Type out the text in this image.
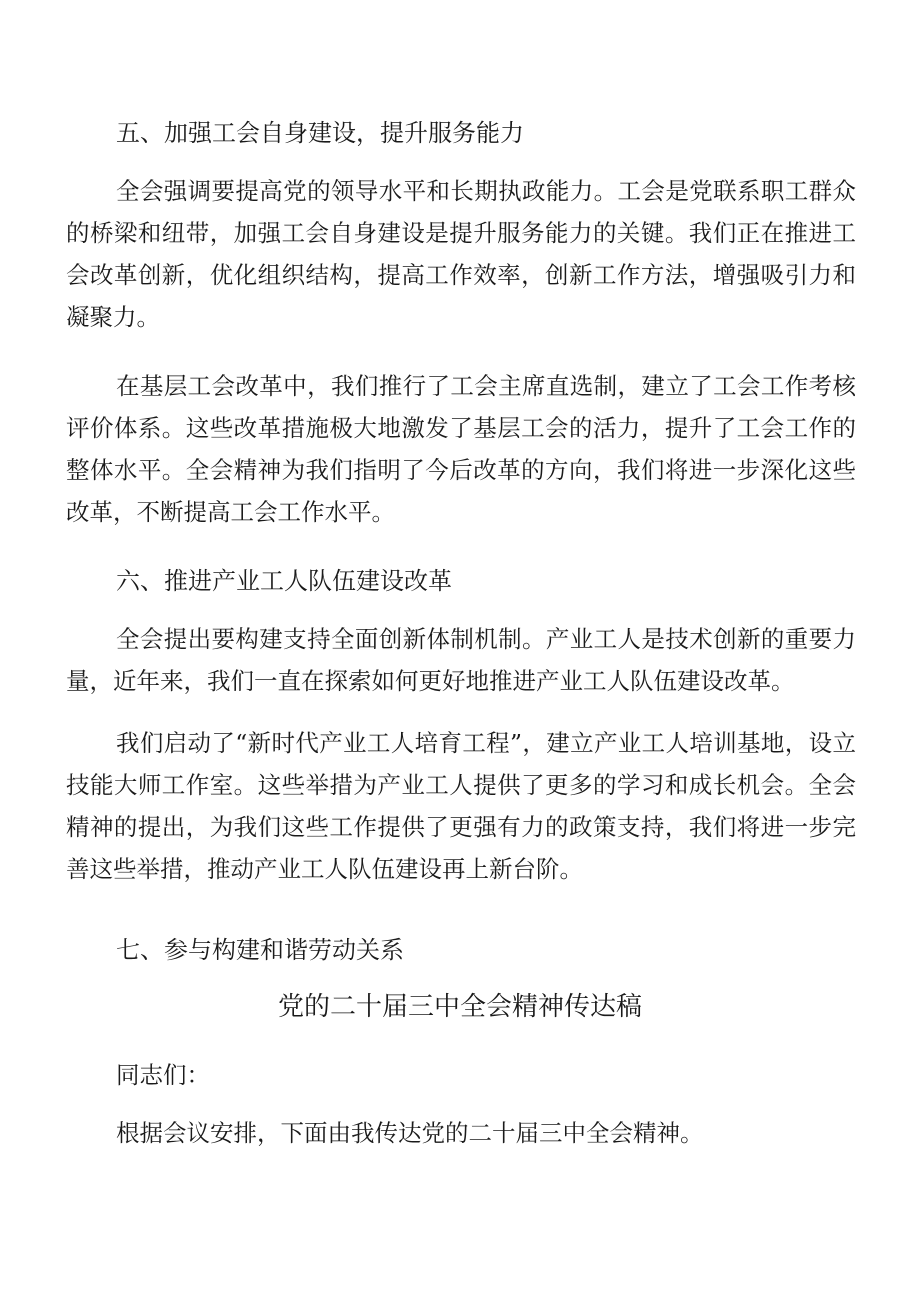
五、加强工会自身建设，提升服务能力

全会强调要提高党的领导水平和长期执政能力。工会是党联系职工群众的桥梁和纽带，加强工会自身建设是提升服务能力的关键。我们正在推进工会改革创新，优化组织结构，提高工作效率，创新工作方法，增强吸引力和凝聚力。

在基层工会改革中，我们推行了工会主席直选制，建立了工会工作考核评价体系。这些改革措施极大地激发了基层工会的活力，提升了工会工作的整体水平。全会精神为我们指明了今后改革的方向，我们将进一步深化这些改革，不断提高工会工作水平。

六、推进产业工人队伍建设改革

全会提出要构建支持全面创新体制机制。产业工人是技术创新的重要力量，近年来，我们一直在探索如何更好地推进产业工人队伍建设改革。

我们启动了“新时代产业工人培育工程”，建立产业工人培训基地，设立技能大师工作室。这些举措为产业工人提供了更多的学习和成长机会。全会精神的提出，为我们这些工作提供了更强有力的政策支持，我们将进一步完善这些举措，推动产业工人队伍建设再上新台阶。

七、参与构建和谐劳动关系
党的二十届三中全会精神传达稿
同志们：
根据会议安排，下面由我传达党的二十届三中全会精神。
